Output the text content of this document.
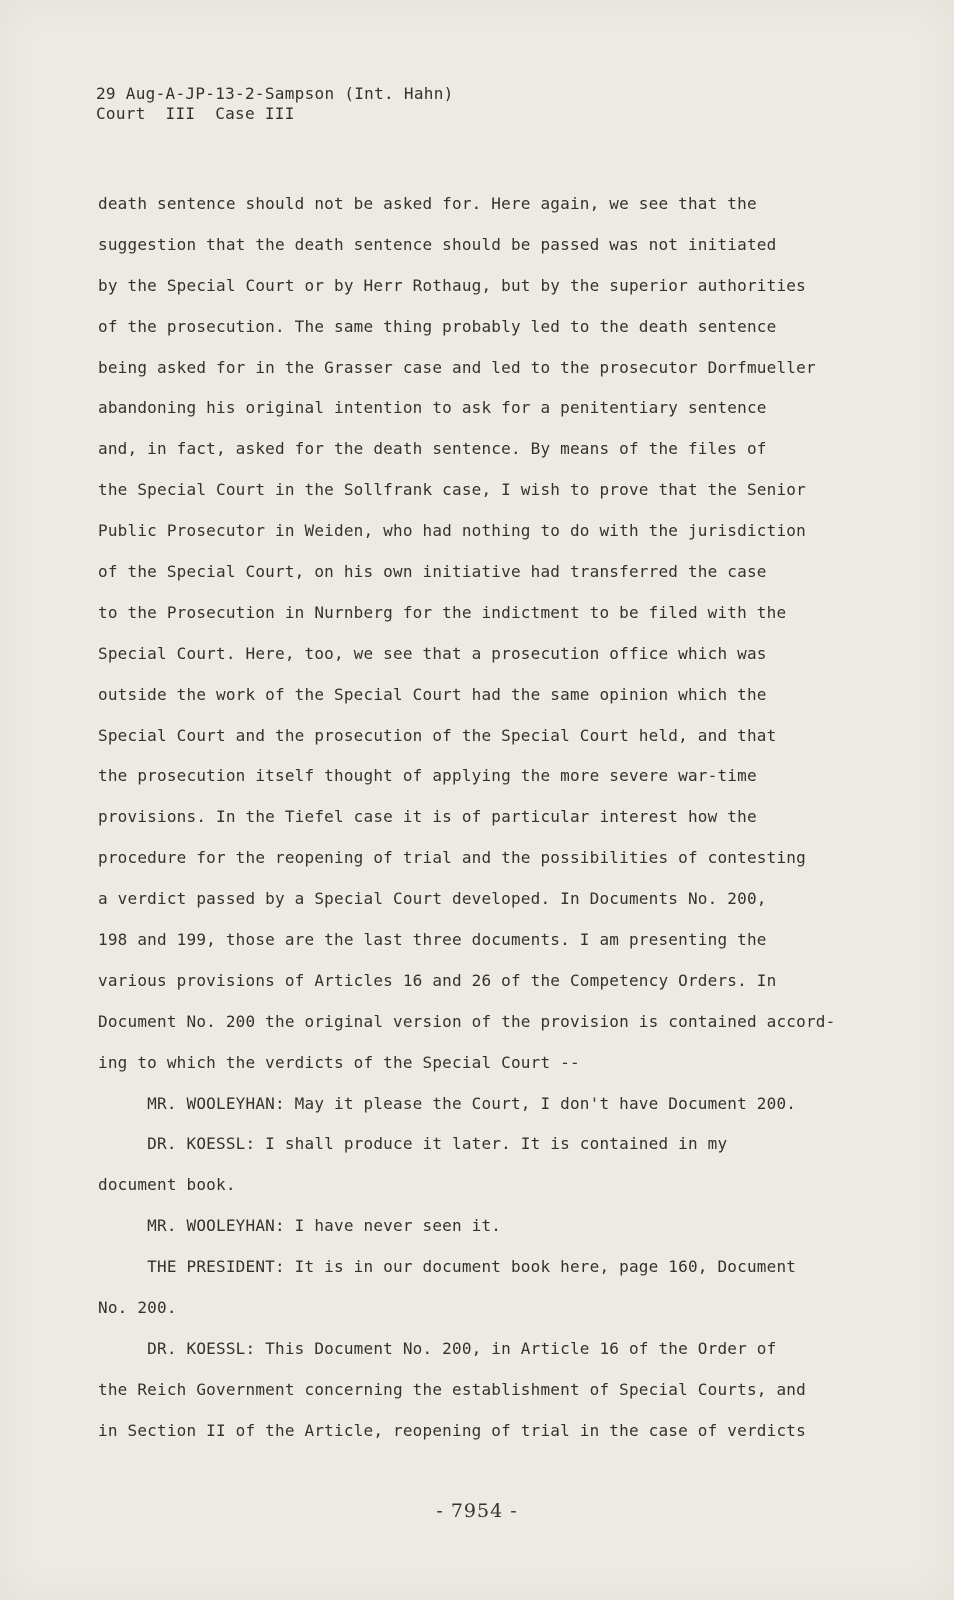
29 Aug-A-JP-13-2-Sampson (Int. Hahn)
Court  III  Case III
death sentence should not be asked for. Here again, we see that the
suggestion that the death sentence should be passed was not initiated
by the Special Court or by Herr Rothaug, but by the superior authorities
of the prosecution. The same thing probably led to the death sentence
being asked for in the Grasser case and led to the prosecutor Dorfmueller
abandoning his original intention to ask for a penitentiary sentence
and, in fact, asked for the death sentence. By means of the files of
the Special Court in the Sollfrank case, I wish to prove that the Senior
Public Prosecutor in Weiden, who had nothing to do with the jurisdiction
of the Special Court, on his own initiative had transferred the case
to the Prosecution in Nurnberg for the indictment to be filed with the
Special Court. Here, too, we see that a prosecution office which was
outside the work of the Special Court had the same opinion which the
Special Court and the prosecution of the Special Court held, and that
the prosecution itself thought of applying the more severe war-time
provisions. In the Tiefel case it is of particular interest how the
procedure for the reopening of trial and the possibilities of contesting
a verdict passed by a Special Court developed. In Documents No. 200,
198 and 199, those are the last three documents. I am presenting the
various provisions of Articles 16 and 26 of the Competency Orders. In
Document No. 200 the original version of the provision is contained accord-
ing to which the verdicts of the Special Court --
MR. WOOLEYHAN: May it please the Court, I don't have Document 200.
DR. KOESSL: I shall produce it later. It is contained in my
document book.
MR. WOOLEYHAN: I have never seen it.
THE PRESIDENT: It is in our document book here, page 160, Document
No. 200.
DR. KOESSL: This Document No. 200, in Article 16 of the Order of
the Reich Government concerning the establishment of Special Courts, and
in Section II of the Article, reopening of trial in the case of verdicts
- 7954 -
